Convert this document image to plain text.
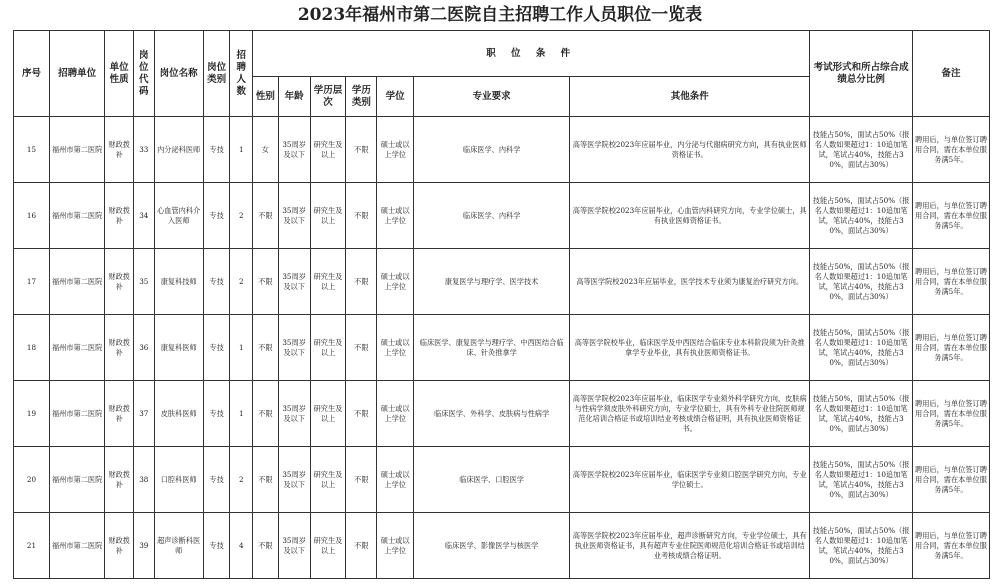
2023年福州市第二医院自主招聘工作人员职位一览表
序号	招聘单位	单位性质	岗位代码	岗位名称	岗位类别	招聘人数	职 位 条 件							考试形式和所占综合成绩总分比例	备注
							性别	年龄	学历层次	学历类别	学位	专业要求	其他条件		
15	福州市第二医院	财政拨补	33	内分泌科医师	专技	1	女	35周岁及以下	研究生及以上	不限	硕士或以上学位	临床医学、内科学	高等医学院校2023年应届毕业，内分泌与代谢病研究方向，具有执业医师资格证书。	技能占50%，面试占50%（报名人数如果超过1：10追加笔试，笔试占40%，技能占30%，面试占30%）	聘用后，与单位签订聘用合同，需在本单位服务满5年。
16	福州市第二医院	财政拨补	34	心血管内科介入医师	专技	2	不限	35周岁及以下	研究生及以上	不限	硕士或以上学位	临床医学、内科学	高等医学院校2023年应届毕业，心血管内科研究方向，专业学位硕士，具有执业医师资格证书。	技能占50%，面试占50%（报名人数如果超过1：10追加笔试，笔试占40%，技能占30%，面试占30%）	聘用后，与单位签订聘用合同，需在本单位服务满5年。
17	福州市第二医院	财政拨补	35	康复科技师	专技	2	不限	35周岁及以下	研究生及以上	不限	硕士或以上学位	康复医学与理疗学、医学技术	高等医学院校2023年应届毕业，医学技术专业须为康复治疗研究方向。	技能占50%，面试占50%（报名人数如果超过1：10追加笔试，笔试占40%，技能占30%，面试占30%）	聘用后，与单位签订聘用合同，需在本单位服务满5年。
18	福州市第二医院	财政拨补	36	康复科医师	专技	1	不限	35周岁及以下	研究生及以上	不限	硕士或以上学位	临床医学、康复医学与理疗学、中西医结合临床、针灸推拿学	高等医学院校毕业，临床医学及中西医结合临床专业本科阶段须为针灸推拿学专业毕业，具有执业医师资格证书。	技能占50%，面试占50%（报名人数如果超过1：10追加笔试，笔试占40%，技能占30%，面试占30%）	聘用后，与单位签订聘用合同，需在本单位服务满5年。
19	福州市第二医院	财政拨补	37	皮肤科医师	专技	1	不限	35周岁及以下	研究生及以上	不限	硕士或以上学位	临床医学、外科学、皮肤病与性病学	高等医学院校2023年应届毕业，临床医学专业须外科学研究方向，皮肤病与性病学须皮肤外科研究方向，专业学位硕士，具有外科专业住院医师规范化培训合格证书或培训结业考核成绩合格证明，具有执业医师资格证书。	技能占50%，面试占50%（报名人数如果超过1：10追加笔试，笔试占40%，技能占30%，面试占30%）	聘用后，与单位签订聘用合同，需在本单位服务满5年。
20	福州市第二医院	财政拨补	38	口腔科医师	专技	2	不限	35周岁及以下	研究生及以上	不限	硕士或以上学位	临床医学、口腔医学	高等医学院校2023年应届毕业，临床医学专业须口腔医学研究方向，专业学位硕士。	技能占50%，面试占50%（报名人数如果超过1：10追加笔试，笔试占40%，技能占30%，面试占30%）	聘用后，与单位签订聘用合同，需在本单位服务满5年。
21	福州市第二医院	财政拨补	39	超声诊断科医师	专技	4	不限	35周岁及以下	研究生及以上	不限	硕士或以上学位	临床医学、影像医学与核医学	高等医学院校2023年应届毕业，超声诊断研究方向，专业学位硕士，具有执业医师资格证书，具有超声专业住院医师规范化培训合格证书或培训结业考核成绩合格证明。	技能占50%，面试占50%（报名人数如果超过1：10追加笔试，笔试占40%，技能占30%，面试占30%）	聘用后，与单位签订聘用合同，需在本单位服务满5年。
